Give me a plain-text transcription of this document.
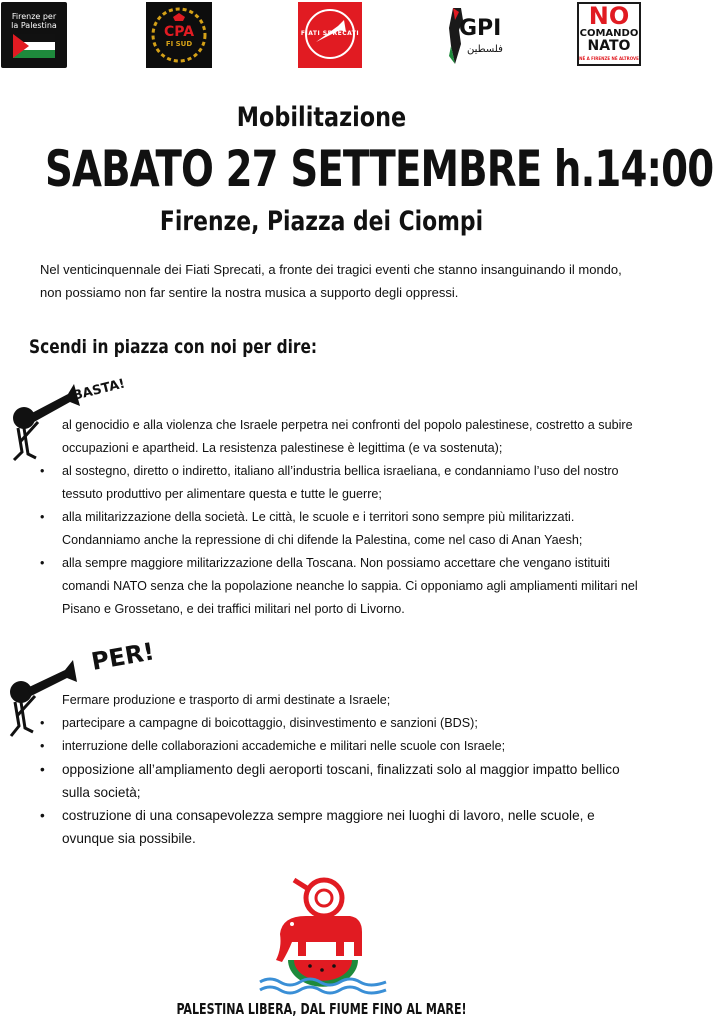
Firenze per
la Palestina	CPA
FI SUD
FIATI SPRECATI	GPI
فلسطين
NO
COMANDO
NATO
NÉ A FIRENZE NÉ ALTROVE
Mobilitazione
SABATO 27 SETTEMBRE h.14:00
Firenze, Piazza dei Ciompi

Nel venticinquennale dei Fiati Sprecati, a fronte dei tragici eventi che stanno insanguinando il mondo, non possiamo non far sentire la nostra musica a supporto degli oppressi.

Scendi in piazza con noi per dire:
BASTA!
al genocidio e alla violenza che Israele perpetra nei confronti del popolo palestinese, costretto a subire occupazioni e apartheid. La resistenza palestinese è legittima (e va sostenuta);
• al sostegno, diretto o indiretto, italiano all’industria bellica israeliana, e condanniamo l’uso del nostro tessuto produttivo per alimentare questa e tutte le guerre;
• alla militarizzazione della società. Le città, le scuole e i territori sono sempre più militarizzati. Condanniamo anche la repressione di chi difende la Palestina, come nel caso di Anan Yaesh;
• alla sempre maggiore militarizzazione della Toscana. Non possiamo accettare che vengano istituiti comandi NATO senza che la popolazione neanche lo sappia. Ci opponiamo agli ampliamenti militari nel Pisano e Grossetano, e dei traffici militari nel porto di Livorno.
PER!
Fermare produzione e trasporto di armi destinate a Israele;
• partecipare a campagne di boicottaggio, disinvestimento e sanzioni (BDS);
• interruzione delle collaborazioni accademiche e militari nelle scuole con Israele;
• opposizione all’ampliamento degli aeroporti toscani, finalizzati solo al maggior impatto bellico sulla società;
• costruzione di una consapevolezza sempre maggiore nei luoghi di lavoro, nelle scuole, e ovunque sia possibile.
PALESTINA LIBERA, DAL FIUME FINO AL MARE!
